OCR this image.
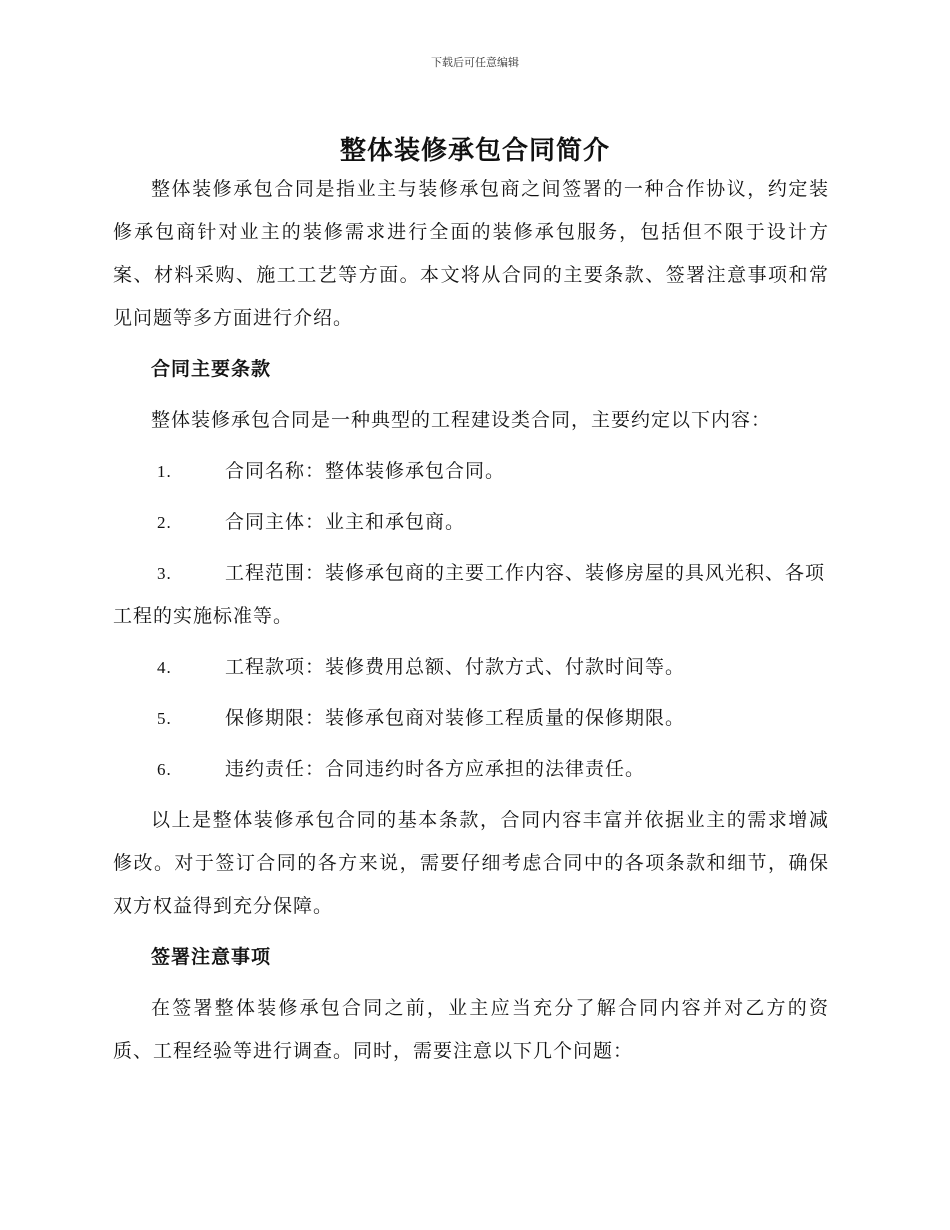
下载后可任意编辑
整体装修承包合同简介

整体装修承包合同是指业主与装修承包商之间签署的一种合作协议，约定装修承包商针对业主的装修需求进行全面的装修承包服务，包括但不限于设计方案、材料采购、施工工艺等方面。本文将从合同的主要条款、签署注意事项和常见问题等多方面进行介绍。

合同主要条款

整体装修承包合同是一种典型的工程建设类合同，主要约定以下内容：

1.	合同名称：整体装修承包合同。

2.	合同主体：业主和承包商。

3.	工程范围：装修承包商的主要工作内容、装修房屋的具风光积、各项工程的实施标准等。

4.	工程款项：装修费用总额、付款方式、付款时间等。

5.	保修期限：装修承包商对装修工程质量的保修期限。

6.	违约责任：合同违约时各方应承担的法律责任。

以上是整体装修承包合同的基本条款，合同内容丰富并依据业主的需求增减修改。对于签订合同的各方来说，需要仔细考虑合同中的各项条款和细节，确保双方权益得到充分保障。

签署注意事项

在签署整体装修承包合同之前，业主应当充分了解合同内容并对乙方的资质、工程经验等进行调查。同时，需要注意以下几个问题：
